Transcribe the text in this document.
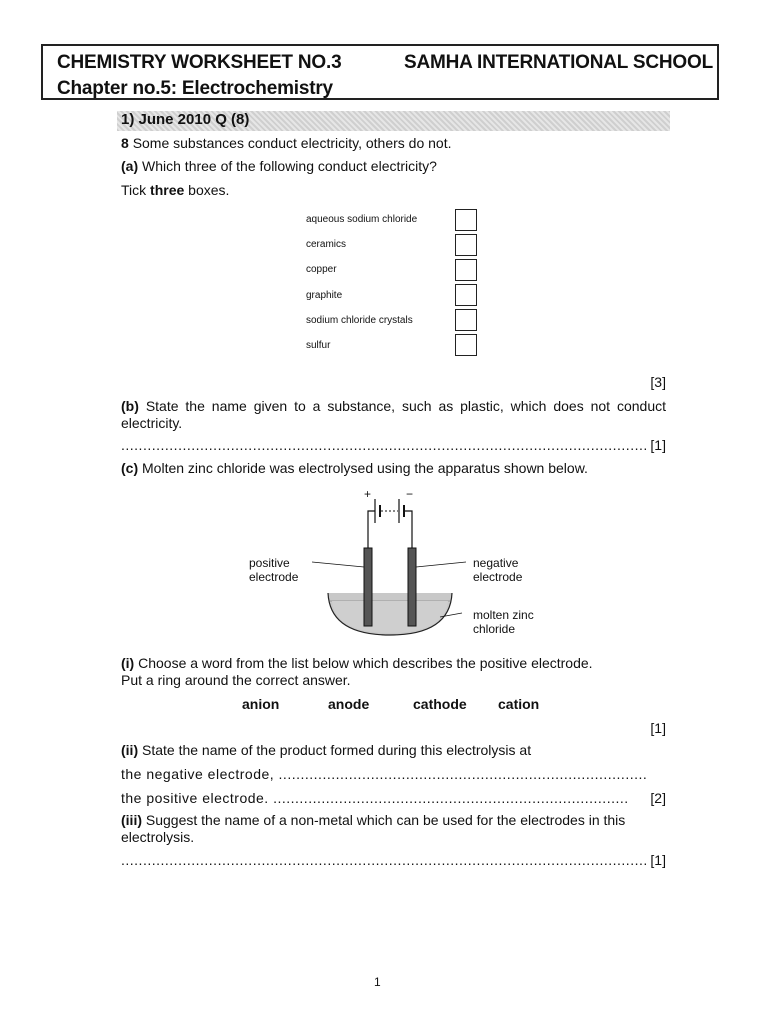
CHEMISTRY WORKSHEET NO.3	SAMHA INTERNATIONAL SCHOOL
Chapter no.5: Electrochemistry
1) June 2010 Q (8)
8 Some substances conduct electricity, others do not.
(a) Which three of the following conduct electricity?
Tick three boxes.
aqueous sodium chloride
ceramics
copper
graphite
sodium chloride crystals
sulfur
[3]
(b) State the name given to a substance, such as plastic, which does not conduct electricity.
........................................................................................................................ [1]
(c) Molten zinc chloride was electrolysed using the apparatus shown below.
+	−
positive
electrode
negative
electrode
molten zinc
chloride
(i) Choose a word from the list below which describes the positive electrode.
Put a ring around the correct answer.
anion	anode	cathode cation
[1]
(ii) State the name of the product formed during this electrolysis at
the negative electrode, ....................................................................................
the positive electrode. ................................................................................. [2]
(iii) Suggest the name of a non-metal which can be used for the electrodes in this electrolysis.
........................................................................................................................ [1]
1
